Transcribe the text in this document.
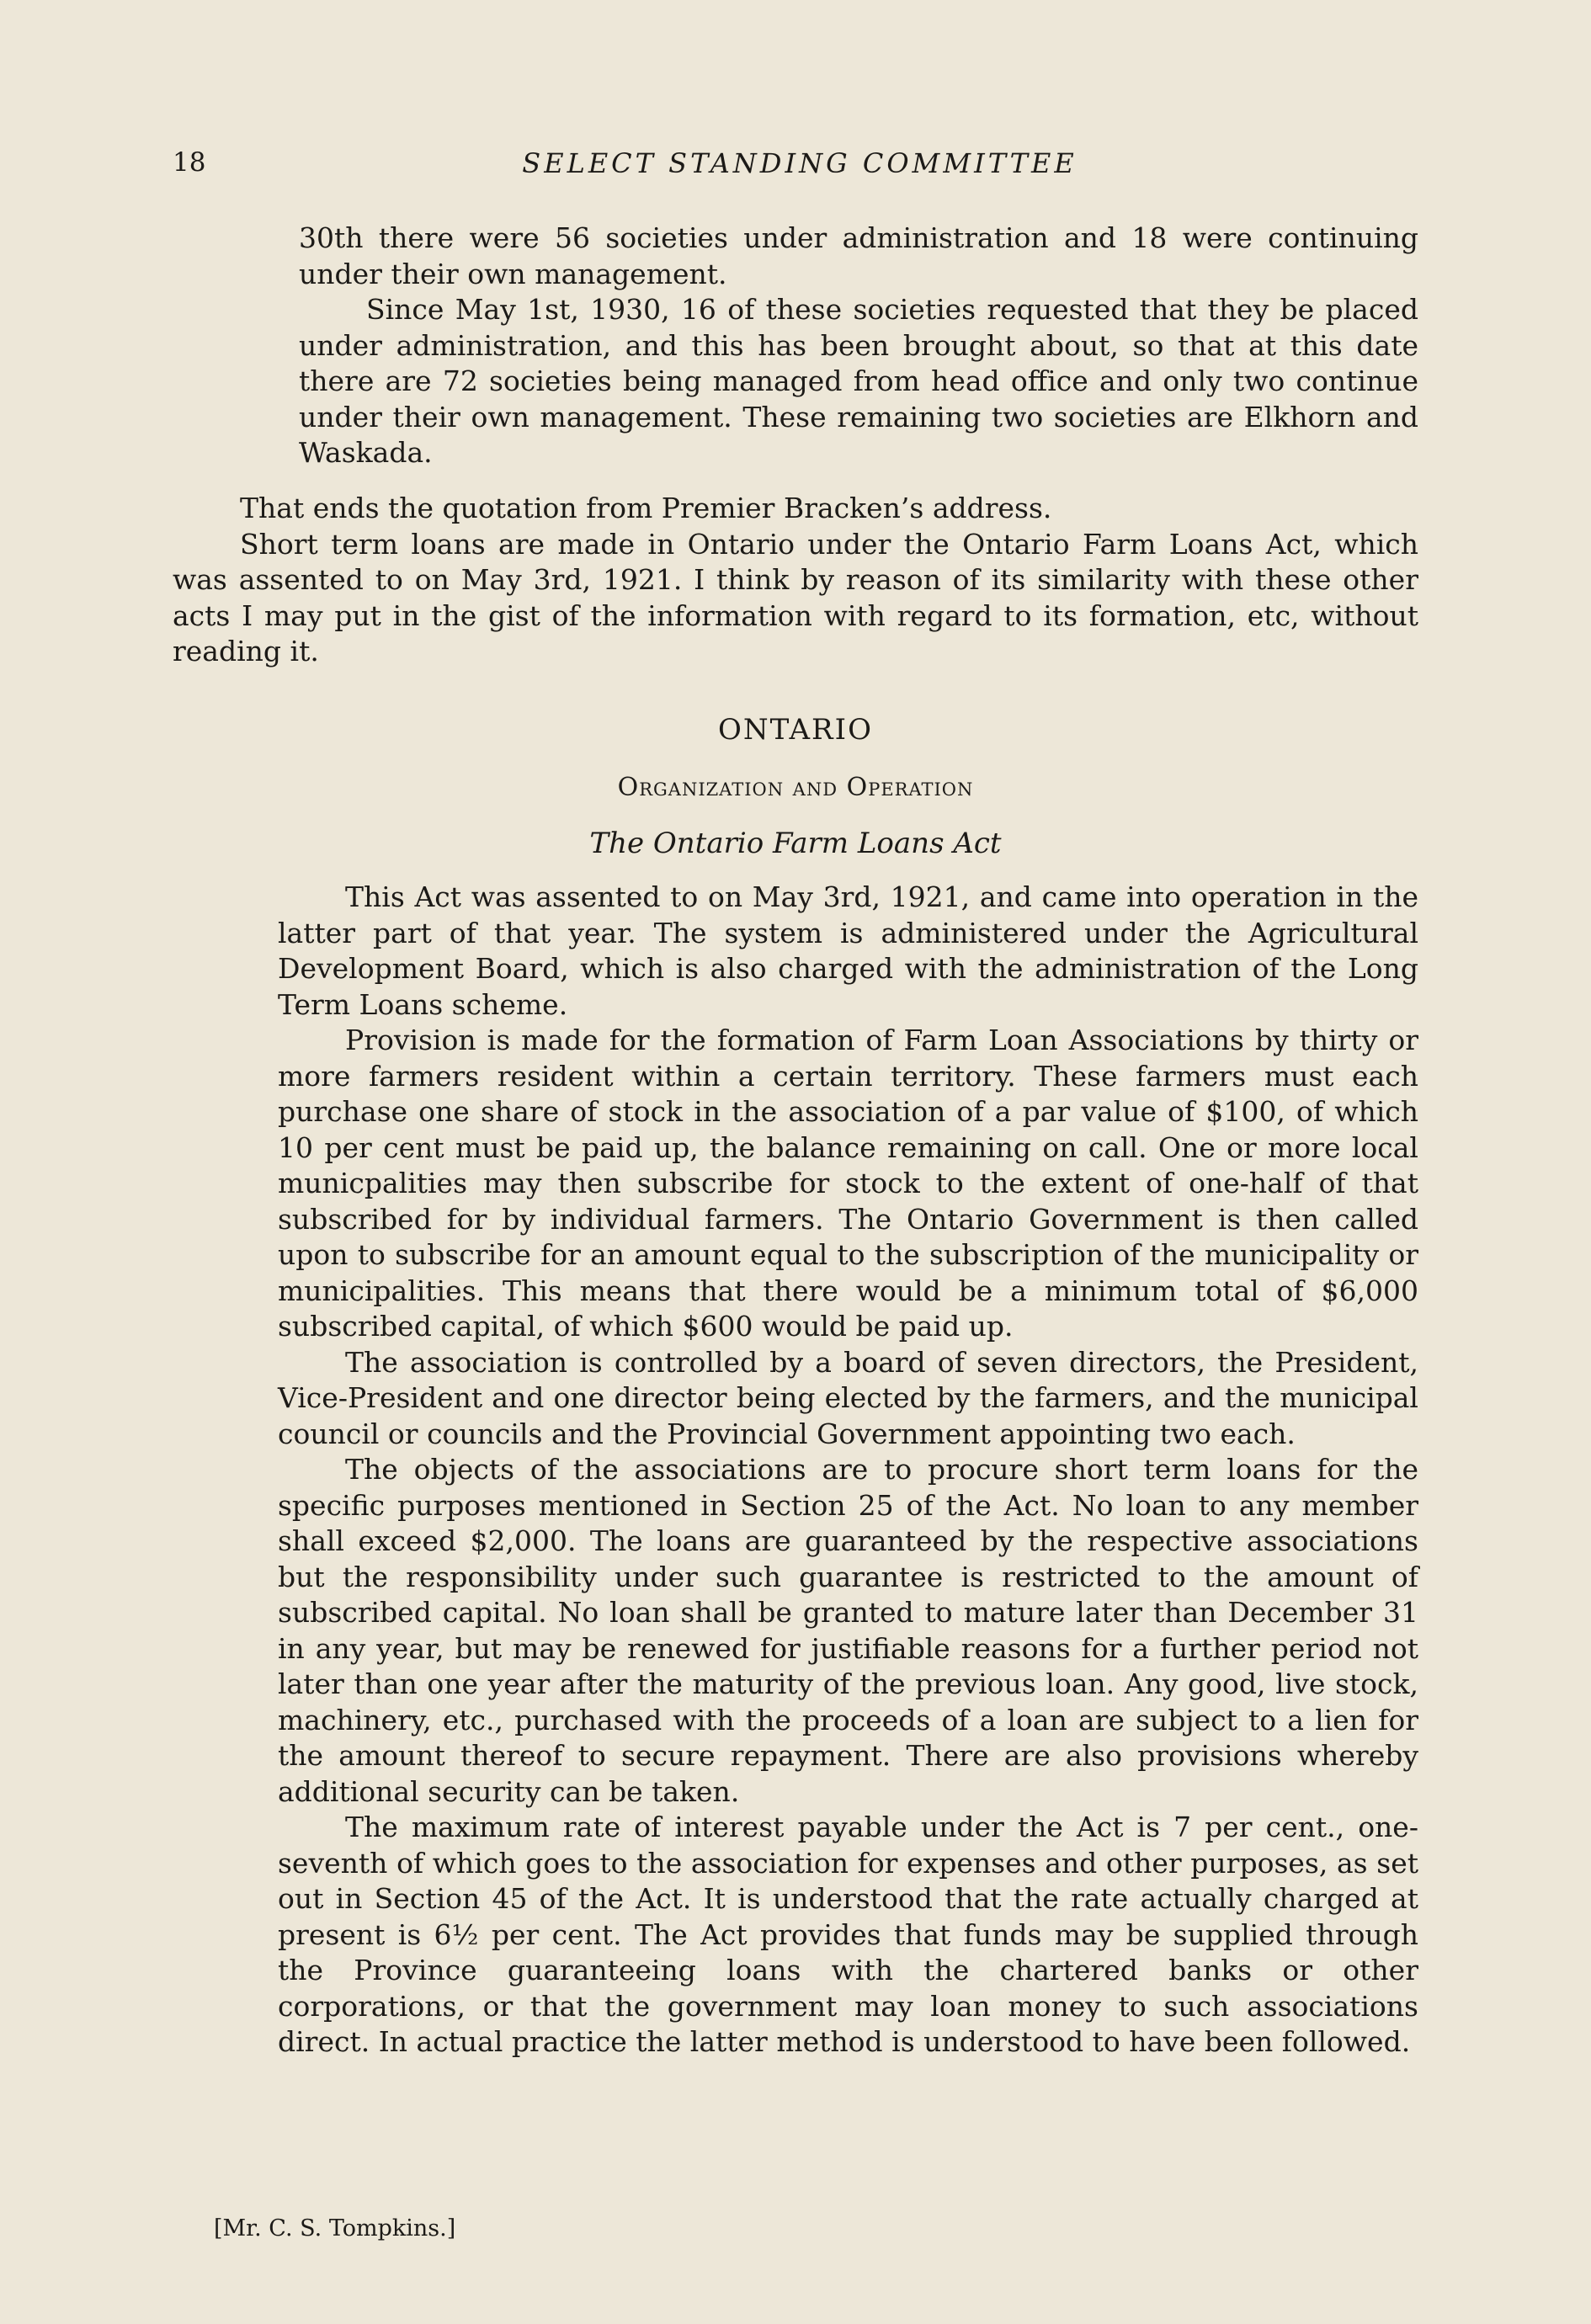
18	SELECT STANDING COMMITTEE

30th there were 56 societies under administration and 18 were continuing under their own management.

Since May 1st, 1930, 16 of these societies requested that they be placed under administration, and this has been brought about, so that at this date there are 72 societies being managed from head office and only two continue under their own management. These remaining two societies are Elkhorn and Waskada.

That ends the quotation from Premier Bracken’s address.

Short term loans are made in Ontario under the Ontario Farm Loans Act, which was assented to on May 3rd, 1921. I think by reason of its similarity with these other acts I may put in the gist of the information with regard to its formation, etc, without reading it.

ONTARIO
Organization and Operation
The Ontario Farm Loans Act

This Act was assented to on May 3rd, 1921, and came into operation in the latter part of that year. The system is administered under the Agricultural Development Board, which is also charged with the administration of the Long Term Loans scheme.

Provision is made for the formation of Farm Loan Associations by thirty or more farmers resident within a certain territory. These farmers must each purchase one share of stock in the association of a par value of $100, of which 10 per cent must be paid up, the balance remaining on call. One or more local municpalities may then subscribe for stock to the extent of one-half of that subscribed for by individual farmers. The Ontario Government is then called upon to subscribe for an amount equal to the subscription of the municipality or municipalities. This means that there would be a minimum total of $6,000 subscribed capital, of which $600 would be paid up.

The association is controlled by a board of seven directors, the President, Vice-President and one director being elected by the farmers, and the municipal council or councils and the Provincial Government appointing two each.

The objects of the associations are to procure short term loans for the specific purposes mentioned in Section 25 of the Act. No loan to any member shall exceed $2,000. The loans are guaranteed by the respective associations but the responsibility under such guarantee is restricted to the amount of subscribed capital. No loan shall be granted to mature later than December 31 in any year, but may be renewed for justifiable reasons for a further period not later than one year after the maturity of the previous loan. Any good, live stock, machinery, etc., purchased with the proceeds of a loan are subject to a lien for the amount thereof to secure repayment. There are also provisions whereby additional security can be taken.

The maximum rate of interest payable under the Act is 7 per cent., one-seventh of which goes to the association for expenses and other purposes, as set out in Section 45 of the Act. It is understood that the rate actually charged at present is 6½ per cent. The Act provides that funds may be supplied through the Province guaranteeing loans with the chartered banks or other corporations, or that the government may loan money to such associations direct. In actual practice the latter method is understood to have been followed.

[Mr. C. S. Tompkins.]
